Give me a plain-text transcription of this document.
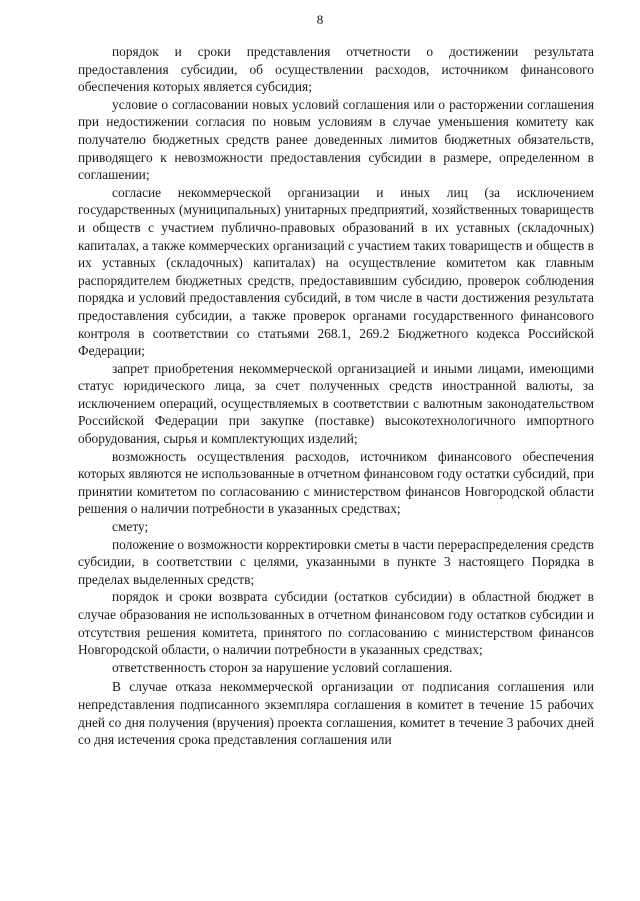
8

порядок и сроки представления отчетности о достижении результата предоставления субсидии, об осуществлении расходов, источником финансового обеспечения которых является субсидия;

условие о согласовании новых условий соглашения или о расторжении соглашения при недостижении согласия по новым условиям в случае уменьшения комитету как получателю бюджетных средств ранее доведенных лимитов бюджетных обязательств, приводящего к невозможности предоставления субсидии в размере, определенном в соглашении;

согласие некоммерческой организации и иных лиц (за исключением государственных (муниципальных) унитарных предприятий, хозяйственных товариществ и обществ с участием публично-правовых образований в их уставных (складочных) капиталах, а также коммерческих организаций с участием таких товариществ и обществ в их уставных (складочных) капиталах) на осуществление комитетом как главным распорядителем бюджетных средств, предоставившим субсидию, проверок соблюдения порядка и условий предоставления субсидий, в том числе в части достижения результата предоставления субсидии, а также проверок органами государственного финансового контроля в соответствии со статьями 268.1, 269.2 Бюджетного кодекса Российской Федерации;

запрет приобретения некоммерческой организацией и иными лицами, имеющими статус юридического лица, за счет полученных средств иностранной валюты, за исключением операций, осуществляемых в соответствии с валютным законодательством Российской Федерации при закупке (поставке) высокотехнологичного импортного оборудования, сырья и комплектующих изделий;

возможность осуществления расходов, источником финансового обеспечения которых являются не использованные в отчетном финансовом году остатки субсидий, при принятии комитетом по согласованию с министерством финансов Новгородской области решения о наличии потребности в указанных средствах;

смету;

положение о возможности корректировки сметы в части перераспределения средств субсидии, в соответствии с целями, указанными в пункте 3 настоящего Порядка в пределах выделенных средств;

порядок и сроки возврата субсидии (остатков субсидии) в областной бюджет в случае образования не использованных в отчетном финансовом году остатков субсидии и отсутствия решения комитета, принятого по согласованию с министерством финансов Новгородской области, о наличии потребности в указанных средствах;

ответственность сторон за нарушение условий соглашения.

В случае отказа некоммерческой организации от подписания соглашения или непредставления подписанного экземпляра соглашения в комитет в течение 15 рабочих дней со дня получения (вручения) проекта соглашения, комитет в течение 3 рабочих дней со дня истечения срока представления соглашения или
